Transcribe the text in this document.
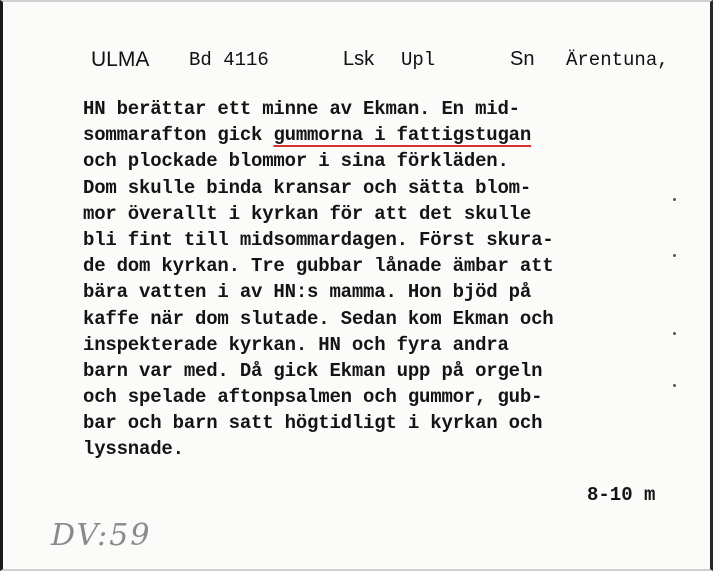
ULMA Bd 4116	Lsk Upl	Sn Ärentuna,
HN berättar ett minne av Ekman. En mid-
sommarafton gick gummorna i fattigstugan
och plockade blommor i sina förkläden.
Dom skulle binda kransar och sätta blom-
mor överallt i kyrkan för att det skulle
bli fint till midsommardagen. Först skura-
de dom kyrkan. Tre gubbar lånade ämbar att
bära vatten i av HN:s mamma. Hon bjöd på
kaffe när dom slutade. Sedan kom Ekman och
inspekterade kyrkan. HN och fyra andra
barn var med. Då gick Ekman upp på orgeln
och spelade aftonpsalmen och gummor, gub-
bar och barn satt högtidligt i kyrkan och
lyssnade.
8-10 m
DV:59
